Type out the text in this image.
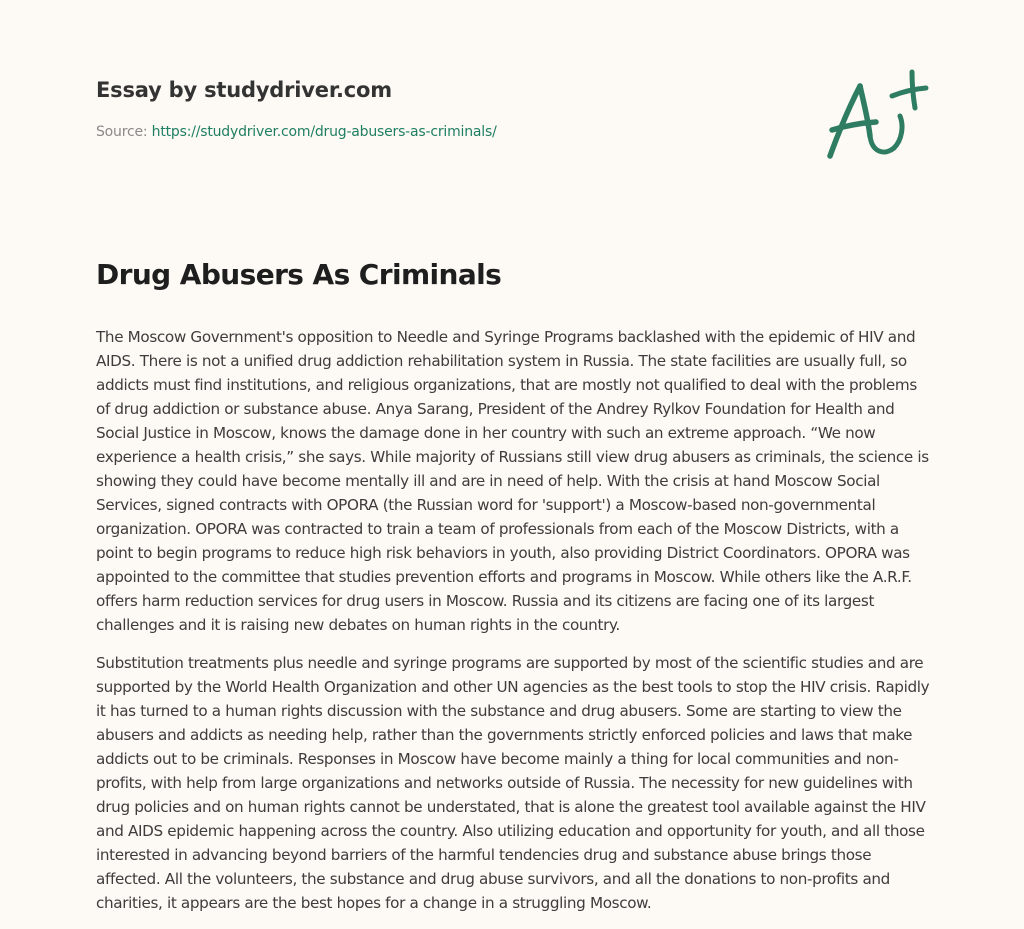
Essay by studydriver.com
Source: https://studydriver.com/drug-abusers-as-criminals/
Drug Abusers As Criminals

The Moscow Government's opposition to Needle and Syringe Programs backlashed with the epidemic of HIV and AIDS. There is not a unified drug addiction rehabilitation system in Russia. The state facilities are usually full, so addicts must find institutions, and religious organizations, that are mostly not qualified to deal with the problems of drug addiction or substance abuse. Anya Sarang, President of the Andrey Rylkov Foundation for Health and Social Justice in Moscow, knows the damage done in her country with such an extreme approach. “We now experience a health crisis,” she says. While majority of Russians still view drug abusers as criminals, the science is showing they could have become mentally ill and are in need of help. With the crisis at hand Moscow Social Services, signed contracts with OPORA (the Russian word for 'support') a Moscow-based non-governmental organization. OPORA was contracted to train a team of professionals from each of the Moscow Districts, with a point to begin programs to reduce high risk behaviors in youth, also providing District Coordinators. OPORA was appointed to the committee that studies prevention efforts and programs in Moscow. While others like the A.R.F. offers harm reduction services for drug users in Moscow. Russia and its citizens are facing one of its largest challenges and it is raising new debates on human rights in the country.

Substitution treatments plus needle and syringe programs are supported by most of the scientific studies and are supported by the World Health Organization and other UN agencies as the best tools to stop the HIV crisis. Rapidly it has turned to a human rights discussion with the substance and drug abusers. Some are starting to view the abusers and addicts as needing help, rather than the governments strictly enforced policies and laws that make addicts out to be criminals. Responses in Moscow have become mainly a thing for local communities and non-profits, with help from large organizations and networks outside of Russia. The necessity for new guidelines with drug policies and on human rights cannot be understated, that is alone the greatest tool available against the HIV and AIDS epidemic happening across the country. Also utilizing education and opportunity for youth, and all those interested in advancing beyond barriers of the harmful tendencies drug and substance abuse brings those affected. All the volunteers, the substance and drug abuse survivors, and all the donations to non-profits and charities, it appears are the best hopes for a change in a struggling Moscow.
